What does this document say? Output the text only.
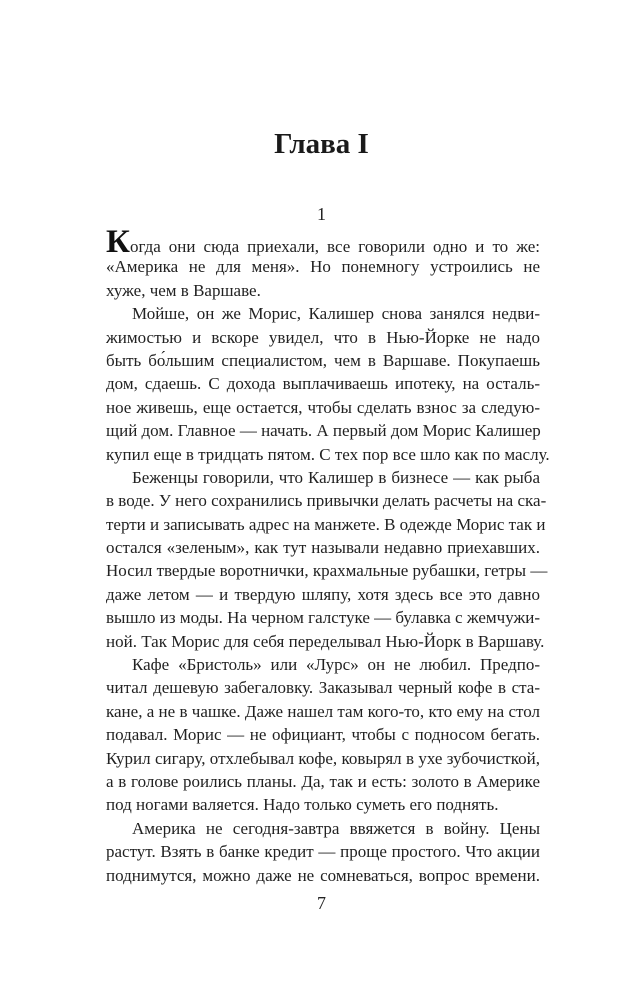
Глава I
1
Когда они сюда приехали, все говорили одно и то же:
«Америка не для меня». Но понемногу устроились не
хуже, чем в Варшаве.
Мойше, он же Морис, Калишер снова занялся недви-
жимостью и вскоре увидел, что в Нью-Йорке не надо
быть бо́льшим специалистом, чем в Варшаве. Покупаешь
дом, сдаешь. С дохода выплачиваешь ипотеку, на осталь-
ное живешь, еще остается, чтобы сделать взнос за следую-
щий дом. Главное — начать. А первый дом Морис Калишер
купил еще в тридцать пятом. С тех пор все шло как по маслу.
Беженцы говорили, что Калишер в бизнесе — как рыба
в воде. У него сохранились привычки делать расчеты на ска-
терти и записывать адрес на манжете. В одежде Морис так и
остался «зеленым», как тут называли недавно приехавших.
Носил твердые воротнички, крахмальные рубашки, гетры —
даже летом — и твердую шляпу, хотя здесь все это давно
вышло из моды. На черном галстуке — булавка с жемчужи-
ной. Так Морис для себя переделывал Нью-Йорк в Варшаву.
Кафе «Бристоль» или «Лурс» он не любил. Предпо-
читал дешевую забегаловку. Заказывал черный кофе в ста-
кане, а не в чашке. Даже нашел там кого-то, кто ему на стол
подавал. Морис — не официант, чтобы с подносом бегать.
Курил сигару, отхлебывал кофе, ковырял в ухе зубочисткой,
а в голове роились планы. Да, так и есть: золото в Америке
под ногами валяется. Надо только суметь его поднять.
Америка не сегодня-завтра ввяжется в войну. Цены
растут. Взять в банке кредит — проще простого. Что акции
поднимутся, можно даже не сомневаться, вопрос времени.
7
